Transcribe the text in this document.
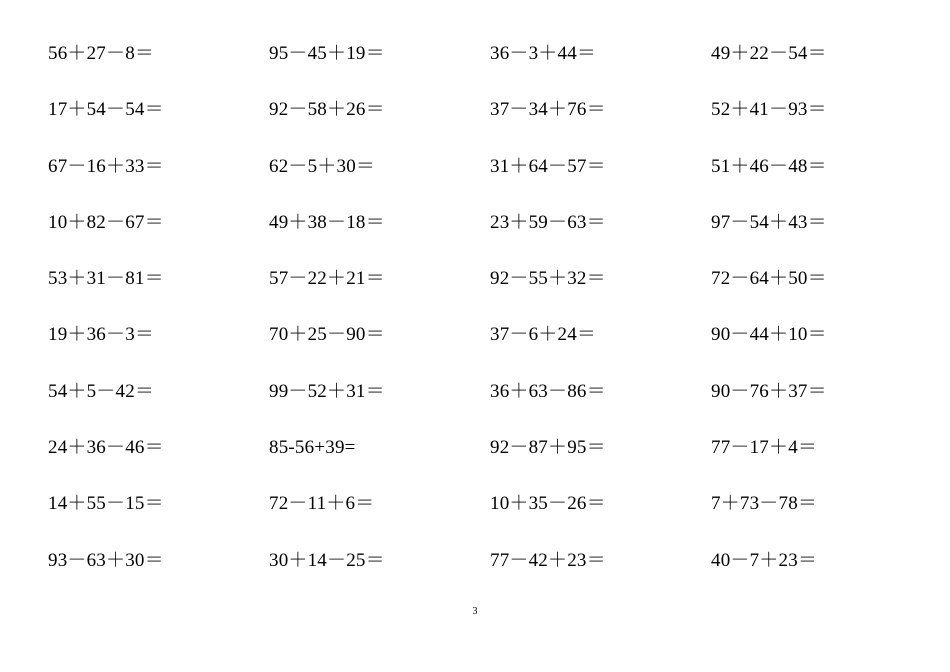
56＋27－8＝	95－45＋19＝	36－3＋44＝	49＋22－54＝
17＋54－54＝	92－58＋26＝	37－34＋76＝	52＋41－93＝
67－16＋33＝	62－5＋30＝	31＋64－57＝	51＋46－48＝
10＋82－67＝	49＋38－18＝	23＋59－63＝	97－54＋43＝
53＋31－81＝	57－22＋21＝	92－55＋32＝	72－64＋50＝
19＋36－3＝	70＋25－90＝	37－6＋24＝	90－44＋10＝
54＋5－42＝	99－52＋31＝	36＋63－86＝	90－76＋37＝
24＋36－46＝	85-56+39=	92－87＋95＝	77－17＋4＝
14＋55－15＝	72－11＋6＝	10＋35－26＝	7＋73－78＝
93－63＋30＝	30＋14－25＝	77－42＋23＝	40－7＋23＝
3
